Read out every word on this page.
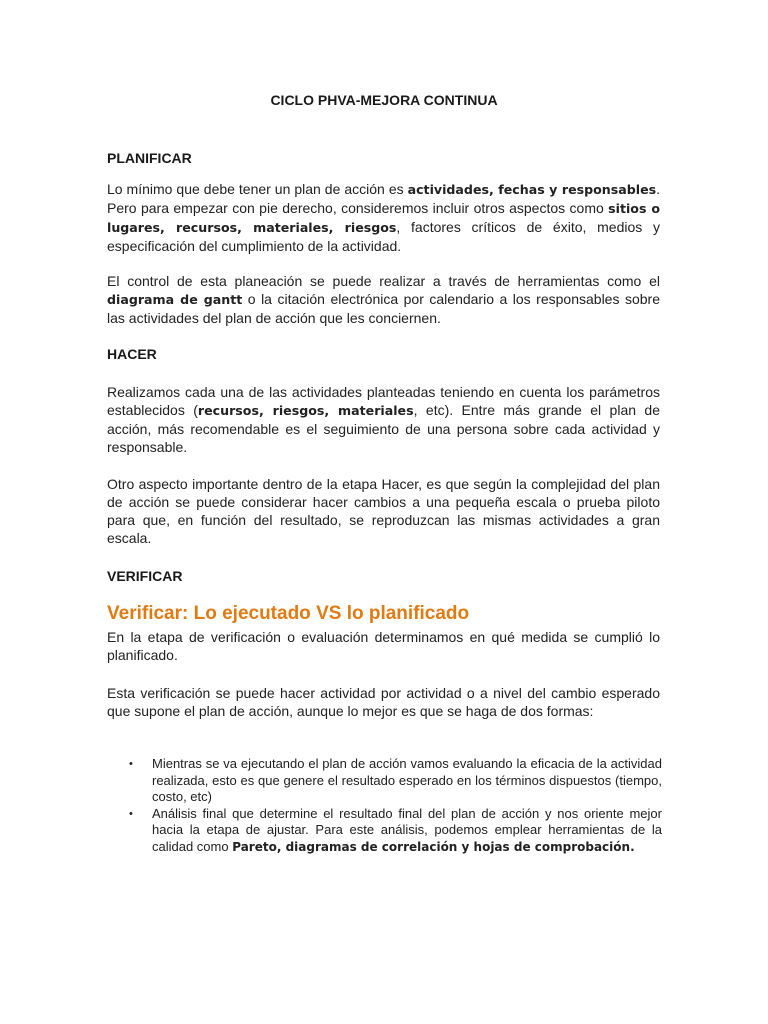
CICLO PHVA-MEJORA CONTINUA
PLANIFICAR
Lo mínimo que debe tener un plan de acción es actividades, fechas y responsables. Pero para empezar con pie derecho, consideremos incluir otros aspectos como sitios o lugares, recursos, materiales, riesgos, factores críticos de éxito, medios y especificación del cumplimiento de la actividad.
El control de esta planeación se puede realizar a través de herramientas como el diagrama de gantt o la citación electrónica por calendario a los responsables sobre las actividades del plan de acción que les conciernen.
HACER
Realizamos cada una de las actividades planteadas teniendo en cuenta los parámetros establecidos (recursos, riesgos, materiales, etc). Entre más grande el plan de acción, más recomendable es el seguimiento de una persona sobre cada actividad y responsable.
Otro aspecto importante dentro de la etapa Hacer, es que según la complejidad del plan de acción se puede considerar hacer cambios a una pequeña escala o prueba piloto para que, en función del resultado, se reproduzcan las mismas actividades a gran escala.
VERIFICAR
Verificar: Lo ejecutado VS lo planificado
En la etapa de verificación o evaluación determinamos en qué medida se cumplió lo planificado.
Esta verificación se puede hacer actividad por actividad o a nivel del cambio esperado que supone el plan de acción, aunque lo mejor es que se haga de dos formas:
• Mientras se va ejecutando el plan de acción vamos evaluando la eficacia de la actividad realizada, esto es que genere el resultado esperado en los términos dispuestos (tiempo, costo, etc)
• Análisis final que determine el resultado final del plan de acción y nos oriente mejor hacia la etapa de ajustar. Para este análisis, podemos emplear herramientas de la calidad como Pareto, diagramas de correlación y hojas de comprobación.
